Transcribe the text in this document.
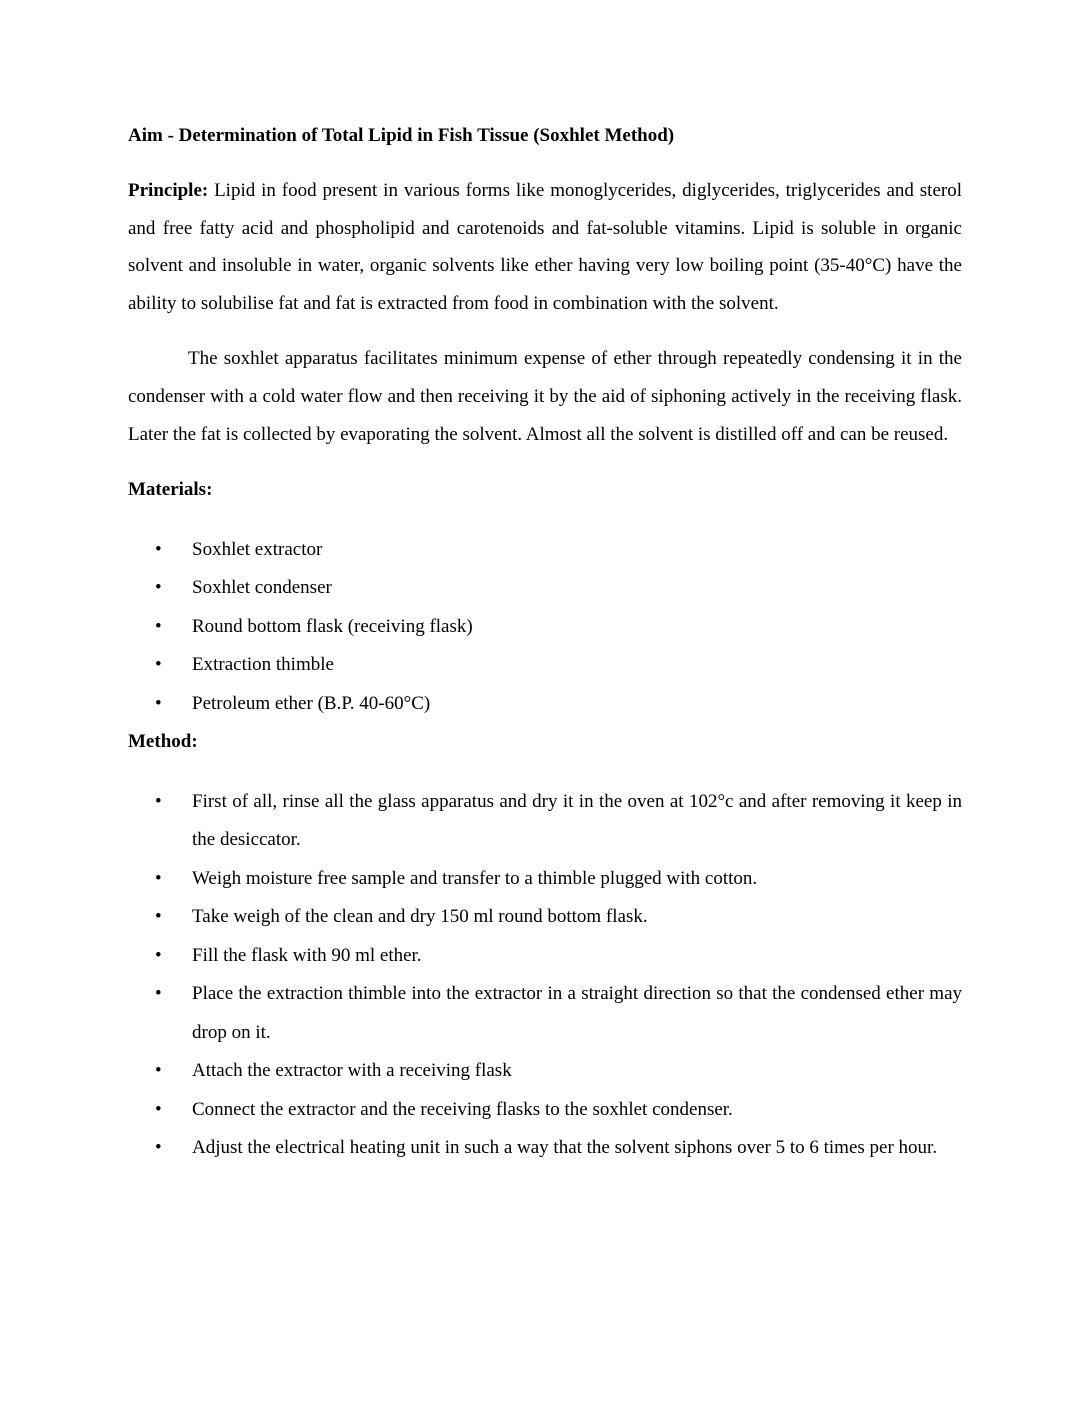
Aim - Determination of Total Lipid in Fish Tissue (Soxhlet Method)

Principle: Lipid in food present in various forms like monoglycerides, diglycerides, triglycerides and sterol and free fatty acid and phospholipid and carotenoids and fat-soluble vitamins. Lipid is soluble in organic solvent and insoluble in water, organic solvents like ether having very low boiling point (35-40°C) have the ability to solubilise fat and fat is extracted from food in combination with the solvent.

The soxhlet apparatus facilitates minimum expense of ether through repeatedly condensing it in the condenser with a cold water flow and then receiving it by the aid of siphoning actively in the receiving flask. Later the fat is collected by evaporating the solvent. Almost all the solvent is distilled off and can be reused.

Materials:
• Soxhlet extractor
• Soxhlet condenser
• Round bottom flask (receiving flask)
• Extraction thimble
• Petroleum ether (B.P. 40-60°C)
Method:
• First of all, rinse all the glass apparatus and dry it in the oven at 102°c and after removing it keep in the desiccator.
• Weigh moisture free sample and transfer to a thimble plugged with cotton.
• Take weigh of the clean and dry 150 ml round bottom flask.
• Fill the flask with 90 ml ether.
• Place the extraction thimble into the extractor in a straight direction so that the condensed ether may drop on it.
• Attach the extractor with a receiving flask
• Connect the extractor and the receiving flasks to the soxhlet condenser.
• Adjust the electrical heating unit in such a way that the solvent siphons over 5 to 6 times per hour.
